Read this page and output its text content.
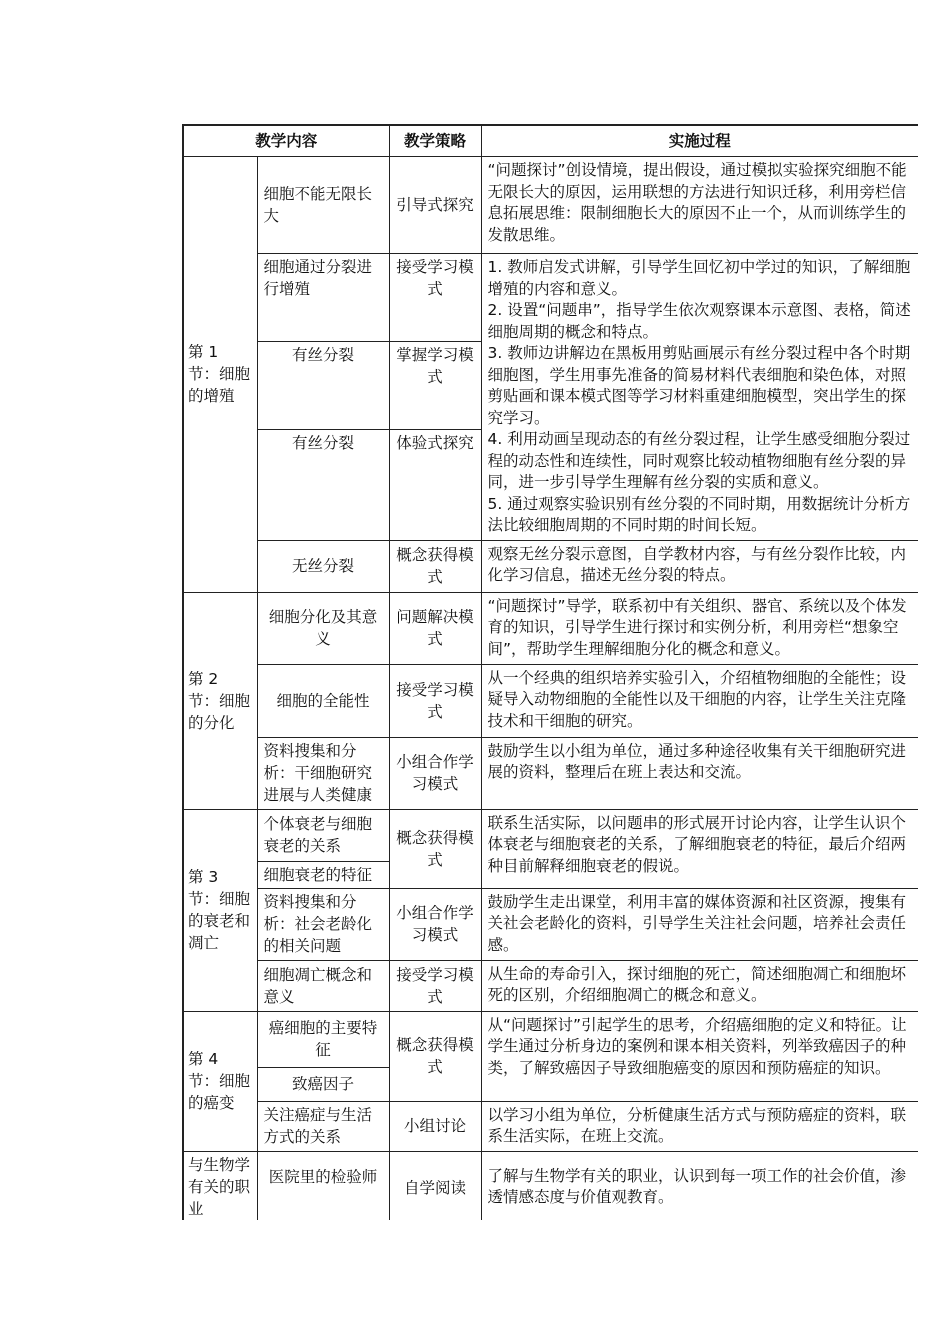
教学内容		教学策略	实施过程
第 1 节：细胞的增殖	细胞不能无限长大	引导式探究	“问题探讨”创设情境，提出假设，通过模拟实验探究细胞不能无限长大的原因，运用联想的方法进行知识迁移，利用旁栏信息拓展思维：限制细胞长大的原因不止一个，从而训练学生的发散思维。

	细胞通过分裂进行增殖	接受学习模式	1. 教师启发式讲解，引导学生回忆初中学过的知识，了解细胞增殖的内容和意义。

2. 设置“问题串”，指导学生依次观察课本示意图、表格，简述细胞周期的概念和特点。

3. 教师边讲解边在黑板用剪贴画展示有丝分裂过程中各个时期细胞图，学生用事先准备的简易材料代表细胞和染色体，对照剪贴画和课本模式图等学习材料重建细胞模型，突出学生的探究学习。

4. 利用动画呈现动态的有丝分裂过程，让学生感受细胞分裂过程的动态性和连续性，同时观察比较动植物细胞有丝分裂的异同，进一步引导学生理解有丝分裂的实质和意义。

5. 通过观察实验识别有丝分裂的不同时期，用数据统计分析方法比较细胞周期的不同时期的时间长短。

	有丝分裂	掌握学习模式	
	有丝分裂	体验式探究	
	无丝分裂	概念获得模式	观察无丝分裂示意图，自学教材内容，与有丝分裂作比较，内化学习信息，描述无丝分裂的特点。

第 2 节：细胞的分化	细胞分化及其意义	问题解决模式	“问题探讨”导学，联系初中有关组织、器官、系统以及个体发育的知识，引导学生进行探讨和实例分析，利用旁栏“想象空间”，帮助学生理解细胞分化的概念和意义。

	细胞的全能性	接受学习模式	从一个经典的组织培养实验引入，介绍植物细胞的全能性；设疑导入动物细胞的全能性以及干细胞的内容，让学生关注克隆技术和干细胞的研究。

	资料搜集和分析：干细胞研究进展与人类健康	小组合作学习模式	鼓励学生以小组为单位，通过多种途径收集有关干细胞研究进展的资料，整理后在班上表达和交流。

第 3 节：细胞的衰老和凋亡	个体衰老与细胞衰老的关系	概念获得模式	联系生活实际，以问题串的形式展开讨论内容，让学生认识个体衰老与细胞衰老的关系，了解细胞衰老的特征，最后介绍两种目前解释细胞衰老的假说。

	细胞衰老的特征		
	资料搜集和分析：社会老龄化的相关问题	小组合作学习模式	鼓励学生走出课堂，利用丰富的媒体资源和社区资源，搜集有关社会老龄化的资料，引导学生关注社会问题，培养社会责任感。

	细胞凋亡概念和意义	接受学习模式	从生命的寿命引入，探讨细胞的死亡，简述细胞凋亡和细胞坏死的区别，介绍细胞凋亡的概念和意义。

第 4 节：细胞的癌变	癌细胞的主要特征	概念获得模式	从“问题探讨”引起学生的思考，介绍癌细胞的定义和特征。让学生通过分析身边的案例和课本相关资料，列举致癌因子的种类，了解致癌因子导致细胞癌变的原因和预防癌症的知识。

	致癌因子		
	关注癌症与生活方式的关系	小组讨论	以学习小组为单位，分析健康生活方式与预防癌症的资料，联系生活实际，在班上交流。

与生物学有关的职业	医院里的检验师	自学阅读	了解与生物学有关的职业，认识到每一项工作的社会价值，渗透情感态度与价值观教育。
